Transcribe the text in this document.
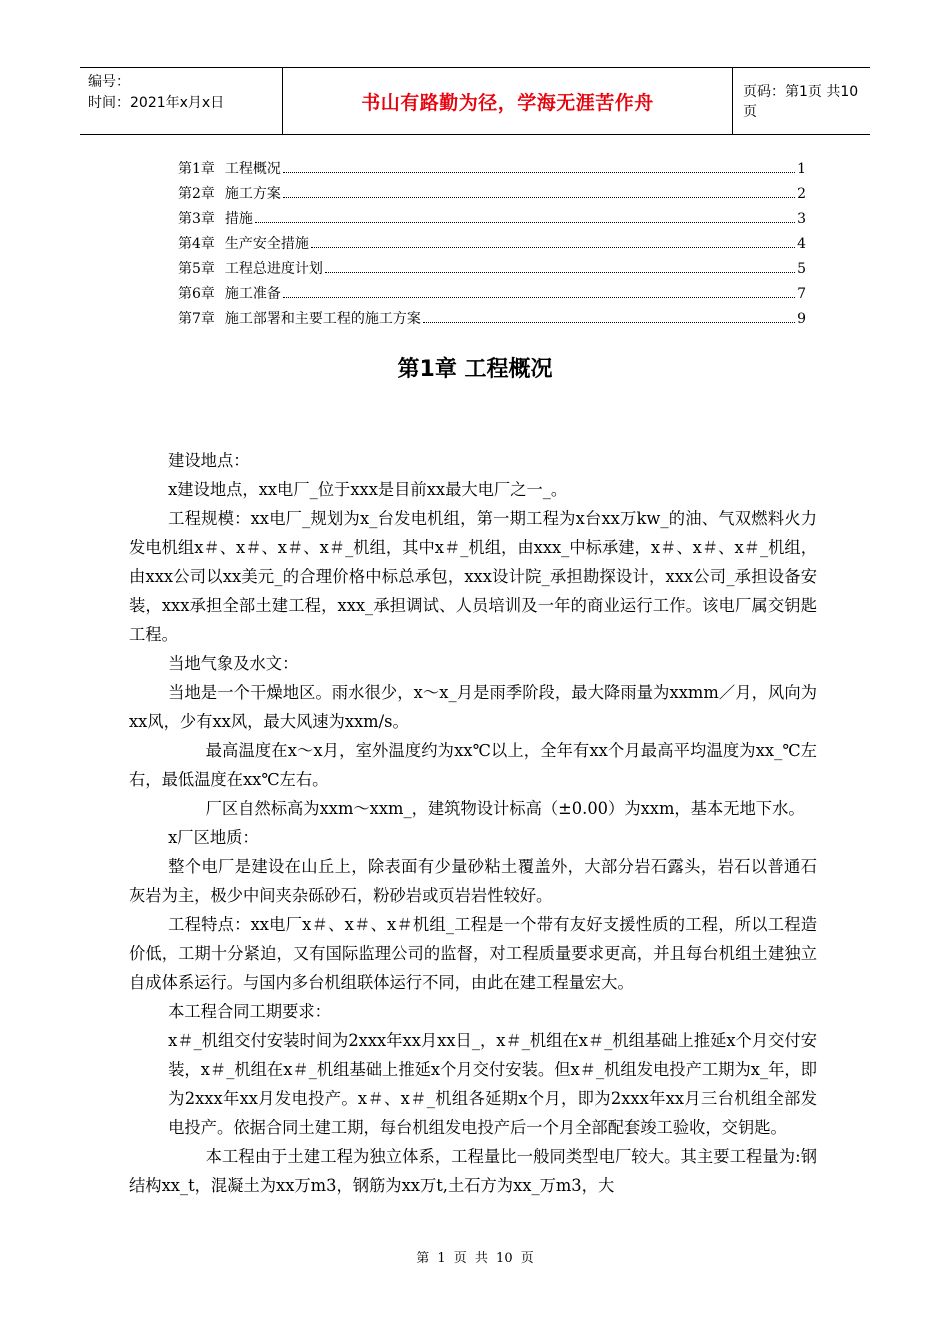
编号：
时间：2021年x月x日	书山有路勤为径，学海无涯苦作舟	页码：第1页 共10页
第1章 工程概况	1
第2章 施工方案	2
第3章 措施	3
第4章 生产安全措施	4
第5章 工程总进度计划	5
第6章 施工准备	7
第7章 施工部署和主要工程的施工方案	9
第1章 工程概况

建设地点：

x建设地点，xx电厂_位于xxx是目前xx最大电厂之一_。

工程规模：xx电厂_规划为x_台发电机组，第一期工程为x台xx万kw_的油、气双燃料火力发电机组x＃、x＃、x＃、x＃_机组，其中x＃_机组，由xxx_中标承建，x＃、x＃、x＃_机组，由xxx公司以xx美元_的合理价格中标总承包，xxx设计院_承担勘探设计，xxx公司_承担设备安装，xxx承担全部土建工程，xxx_承担调试、人员培训及一年的商业运行工作。该电厂属交钥匙工程。

当地气象及水文：

当地是一个干燥地区。雨水很少，x～x_月是雨季阶段，最大降雨量为xxmm／月，风向为xx风，少有xx风，最大风速为xxm/s。

最高温度在x～x月，室外温度约为xx℃以上，全年有xx个月最高平均温度为xx_℃左右，最低温度在xx℃左右。

厂区自然标高为xxm～xxm_，建筑物设计标高（±0.00）为xxm，基本无地下水。

x厂区地质：

整个电厂是建设在山丘上，除表面有少量砂粘土覆盖外，大部分岩石露头，岩石以普通石灰岩为主，极少中间夹杂砾砂石，粉砂岩或页岩岩性较好。

工程特点：xx电厂x＃、x＃、x＃机组_工程是一个带有友好支援性质的工程，所以工程造价低，工期十分紧迫，又有国际监理公司的监督，对工程质量要求更高，并且每台机组土建独立自成体系运行。与国内多台机组联体运行不同，由此在建工程量宏大。

本工程合同工期要求：

x＃_机组交付安装时间为2xxx年xx月xx日_，x＃_机组在x＃_机组基础上推延x个月交付安装，x＃_机组在x＃_机组基础上推延x个月交付安装。但x＃_机组发电投产工期为x_年，即为2xxx年xx月发电投产。x＃、x＃_机组各延期x个月，即为2xxx年xx月三台机组全部发电投产。依据合同土建工期，每台机组发电投产后一个月全部配套竣工验收，交钥匙。

本工程由于土建工程为独立体系，工程量比一般同类型电厂较大。其主要工程量为:钢结构xx_t，混凝土为xx万m3，钢筋为xx万t,土石方为xx_万m3，大

第 1 页 共 10 页
